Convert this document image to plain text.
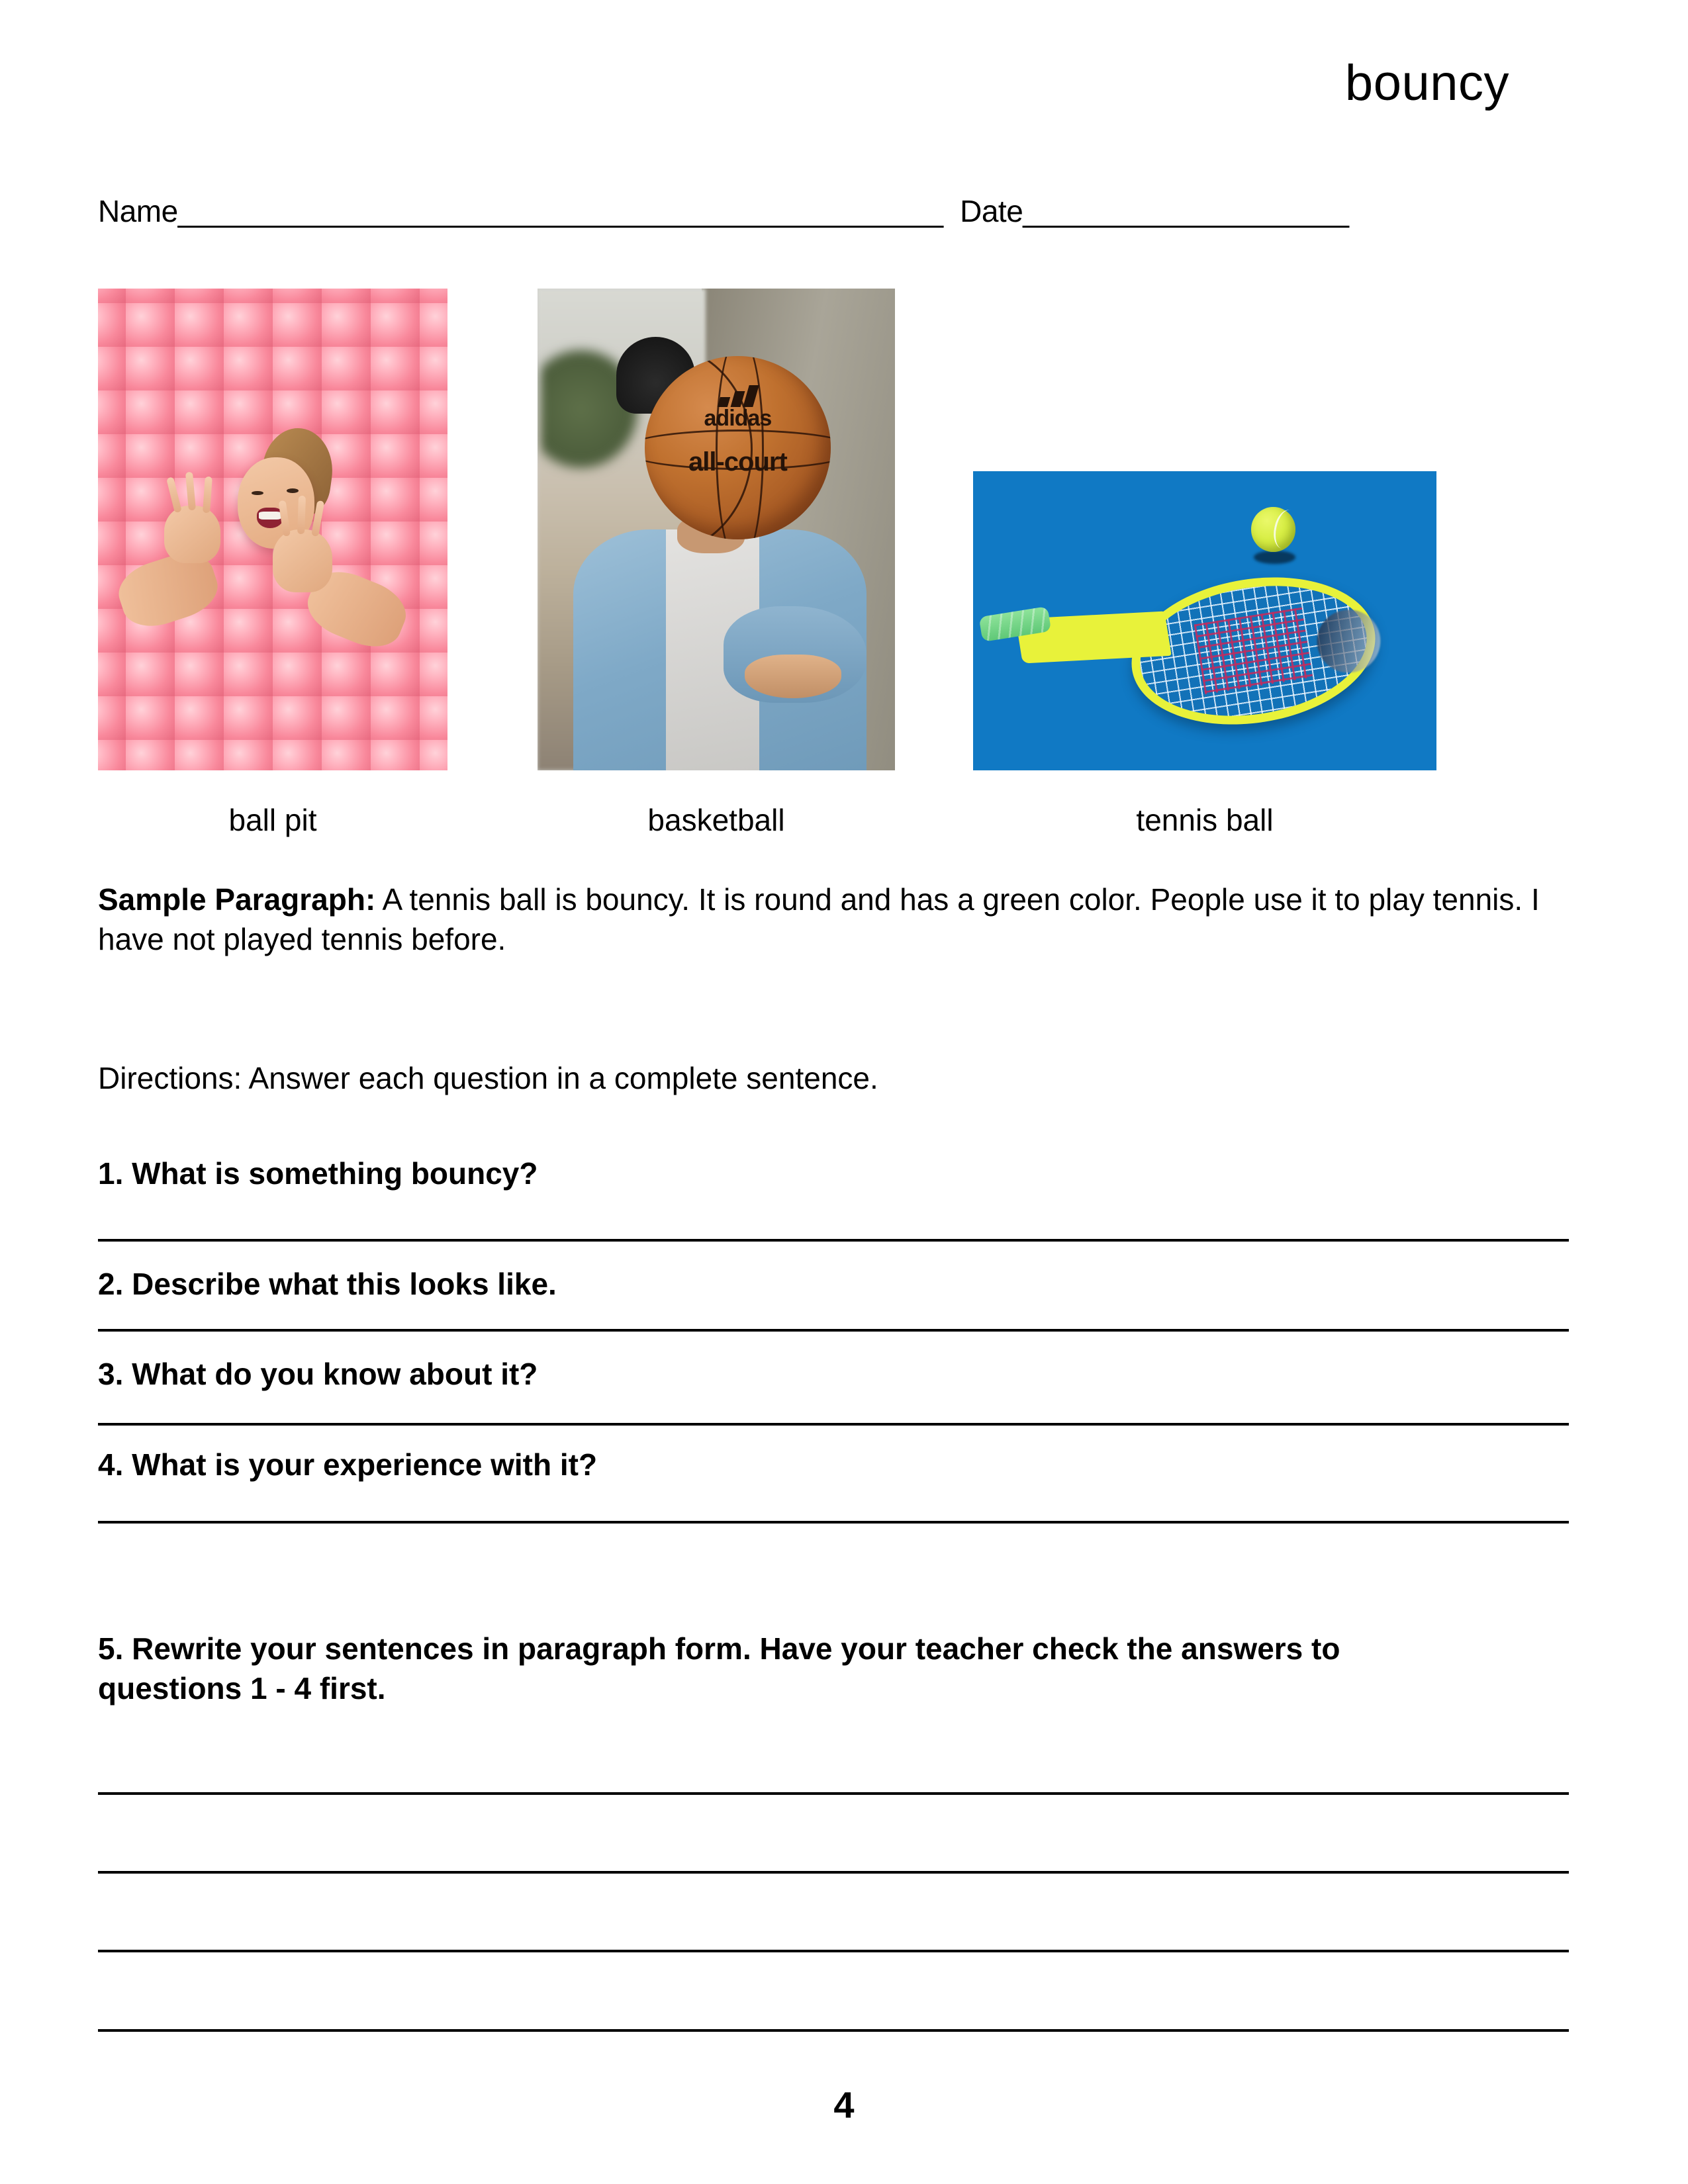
bouncy
Name_______________________________________________ Date____________________
adidas
all-court
ball pit	basketball	tennis ball
Sample Paragraph: A tennis ball is bouncy. It is round and has a green color. People use it to play tennis. I have not played tennis before.
Directions: Answer each question in a complete sentence.
1. What is something bouncy?
2. Describe what this looks like.
3. What do you know about it?
4. What is your experience with it?
5. Rewrite your sentences in paragraph form. Have your teacher check the answers to questions 1 - 4 first.
4
